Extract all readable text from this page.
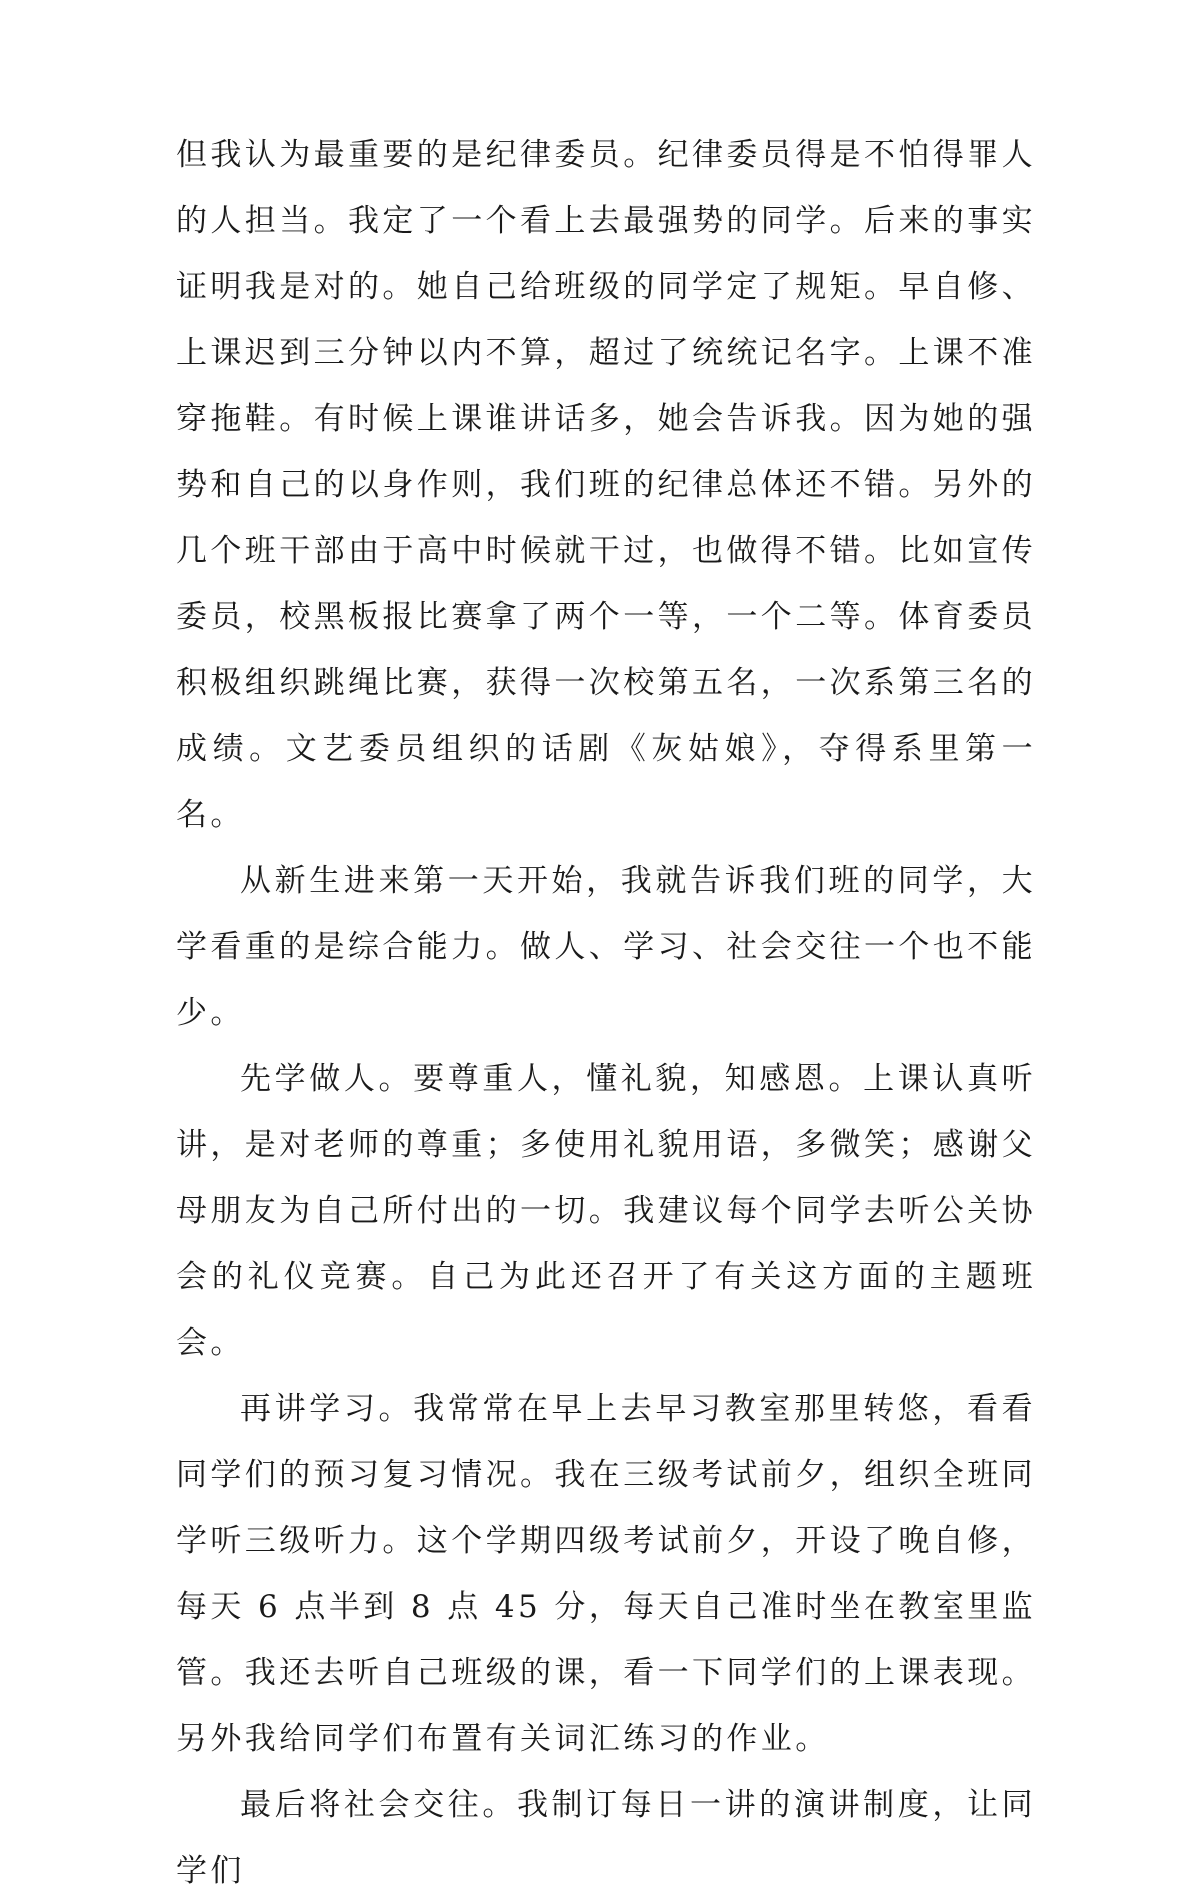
但我认为最重要的是纪律委员。纪律委员得是不怕得罪人的人担当。我定了一个看上去最强势的同学。后来的事实证明我是对的。她自己给班级的同学定了规矩。早自修、上课迟到三分钟以内不算，超过了统统记名字。上课不准穿拖鞋。有时候上课谁讲话多，她会告诉我。因为她的强势和自己的以身作则，我们班的纪律总体还不错。另外的几个班干部由于高中时候就干过，也做得不错。比如宣传委员，校黑板报比赛拿了两个一等，一个二等。体育委员积极组织跳绳比赛，获得一次校第五名，一次系第三名的成绩。文艺委员组织的话剧《灰姑娘》，夺得系里第一名。

从新生进来第一天开始，我就告诉我们班的同学，大学看重的是综合能力。做人、学习、社会交往一个也不能少。

先学做人。要尊重人，懂礼貌，知感恩。上课认真听讲，是对老师的尊重；多使用礼貌用语，多微笑；感谢父母朋友为自己所付出的一切。我建议每个同学去听公关协会的礼仪竞赛。自己为此还召开了有关这方面的主题班会。

再讲学习。我常常在早上去早习教室那里转悠，看看同学们的预习复习情况。我在三级考试前夕，组织全班同学听三级听力。这个学期四级考试前夕，开设了晚自修，每天 6 点半到 8 点 45 分，每天自己准时坐在教室里监管。我还去听自己班级的课，看一下同学们的上课表现。另外我给同学们布置有关词汇练习的作业。

最后将社会交往。我制订每日一讲的演讲制度，让同学们
